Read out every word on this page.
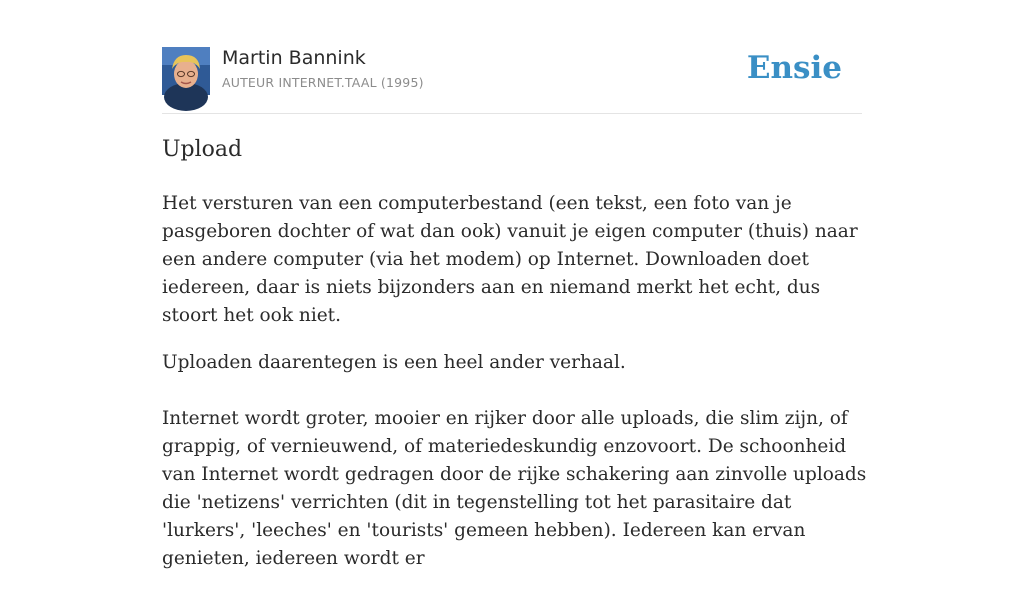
Martin Bannink
AUTEUR INTERNET.TAAL (1995)	Ensie
Upload

Het versturen van een computerbestand (een tekst, een foto van je pasgeboren dochter of wat dan ook) vanuit je eigen computer (thuis) naar een andere computer (via het modem) op Internet. Downloaden doet iedereen, daar is niets bijzonders aan en niemand merkt het echt, dus stoort het ook niet.

Uploaden daarentegen is een heel ander verhaal.

Internet wordt groter, mooier en rijker door alle uploads, die slim zijn, of grappig, of vernieuwend, of materiedeskundig enzovoort. De schoonheid van Internet wordt gedragen door de rijke schakering aan zinvolle uploads die 'netizens' verrichten (dit in tegenstelling tot het parasitaire dat 'lurkers', 'leeches' en 'tourists' gemeen hebben). Iedereen kan ervan genieten, iedereen wordt er
